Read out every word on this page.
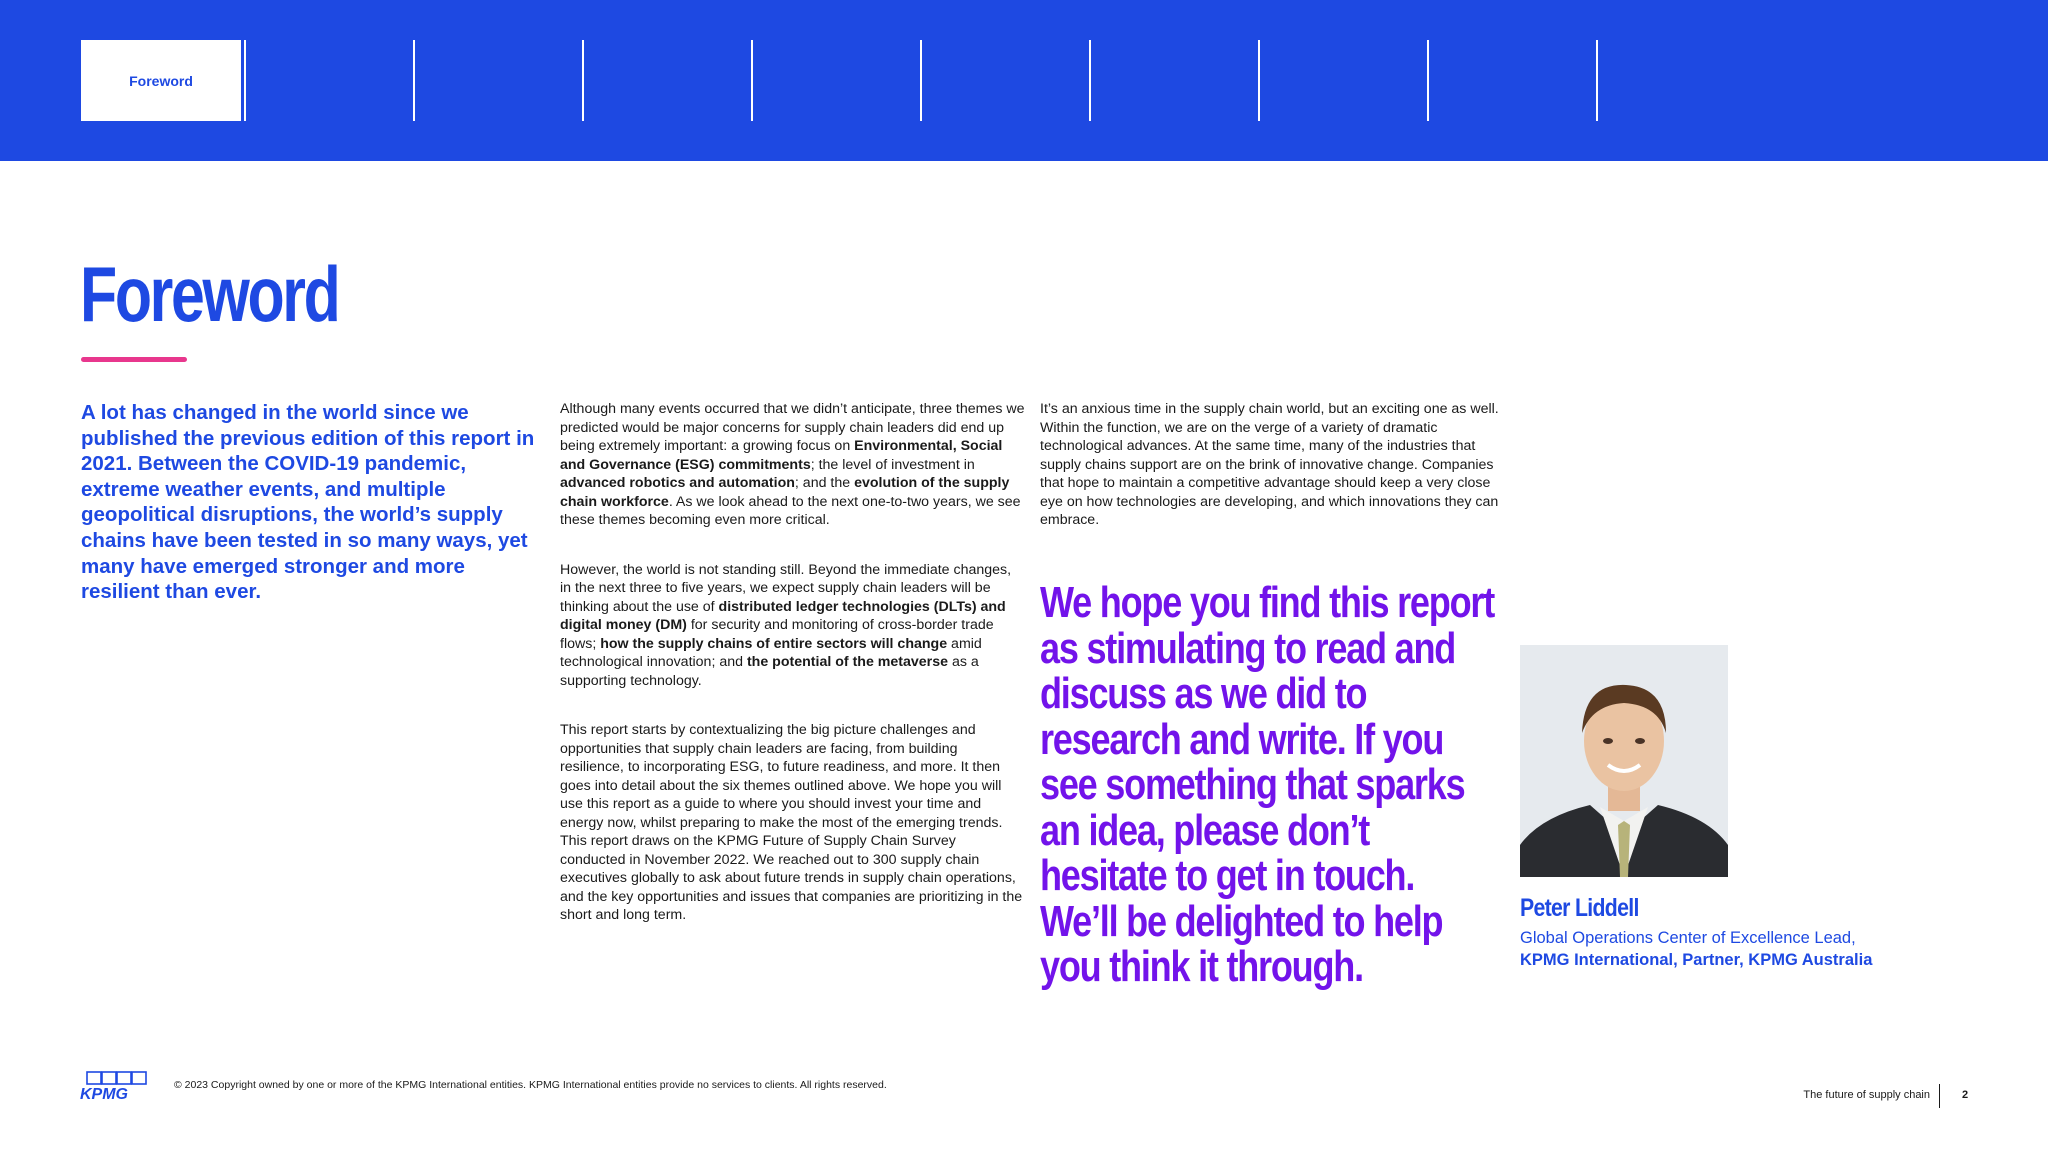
Foreword
Foreword

A lot has changed in the world since we published the previous edition of this report in 2021. Between the COVID-19 pandemic, extreme weather events, and multiple geopolitical disruptions, the world’s supply chains have been tested in so many ways, yet many have emerged stronger and more resilient than ever.

Although many events occurred that we didn’t anticipate, three themes we predicted would be major concerns for supply chain leaders did end up being extremely important: a growing focus on Environmental, Social and Governance (ESG) commitments; the level of investment in advanced robotics and automation; and the evolution of the supply chain workforce. As we look ahead to the next one-to-two years, we see these themes becoming even more critical.

However, the world is not standing still. Beyond the immediate changes, in the next three to five years, we expect supply chain leaders will be thinking about the use of distributed ledger technologies (DLTs) and digital money (DM) for security and monitoring of cross-border trade flows; how the supply chains of entire sectors will change amid technological innovation; and the potential of the metaverse as a supporting technology.

This report starts by contextualizing the big picture challenges and opportunities that supply chain leaders are facing, from building resilience, to incorporating ESG, to future readiness, and more. It then goes into detail about the six themes outlined above. We hope you will use this report as a guide to where you should invest your time and energy now, whilst preparing to make the most of the emerging trends. This report draws on the KPMG Future of Supply Chain Survey conducted in November 2022. We reached out to 300 supply chain executives globally to ask about future trends in supply chain operations, and the key opportunities and issues that companies are prioritizing in the short and long term.

It’s an anxious time in the supply chain world, but an exciting one as well. Within the function, we are on the verge of a variety of dramatic technological advances. At the same time, many of the industries that supply chains support are on the brink of innovative change. Companies that hope to maintain a competitive advantage should keep a very close eye on how technologies are developing, and which innovations they can embrace.

We hope you find this report as stimulating to read and discuss as we did to research and write. If you see something that sparks an idea, please don’t hesitate to get in touch. We’ll be delighted to help you think it through.

Peter Liddell
Global Operations Center of Excellence Lead,
KPMG International, Partner, KPMG Australia
KPMG
© 2023 Copyright owned by one or more of the KPMG International entities. KPMG International entities provide no services to clients. All rights reserved.
The future of supply chain	2
